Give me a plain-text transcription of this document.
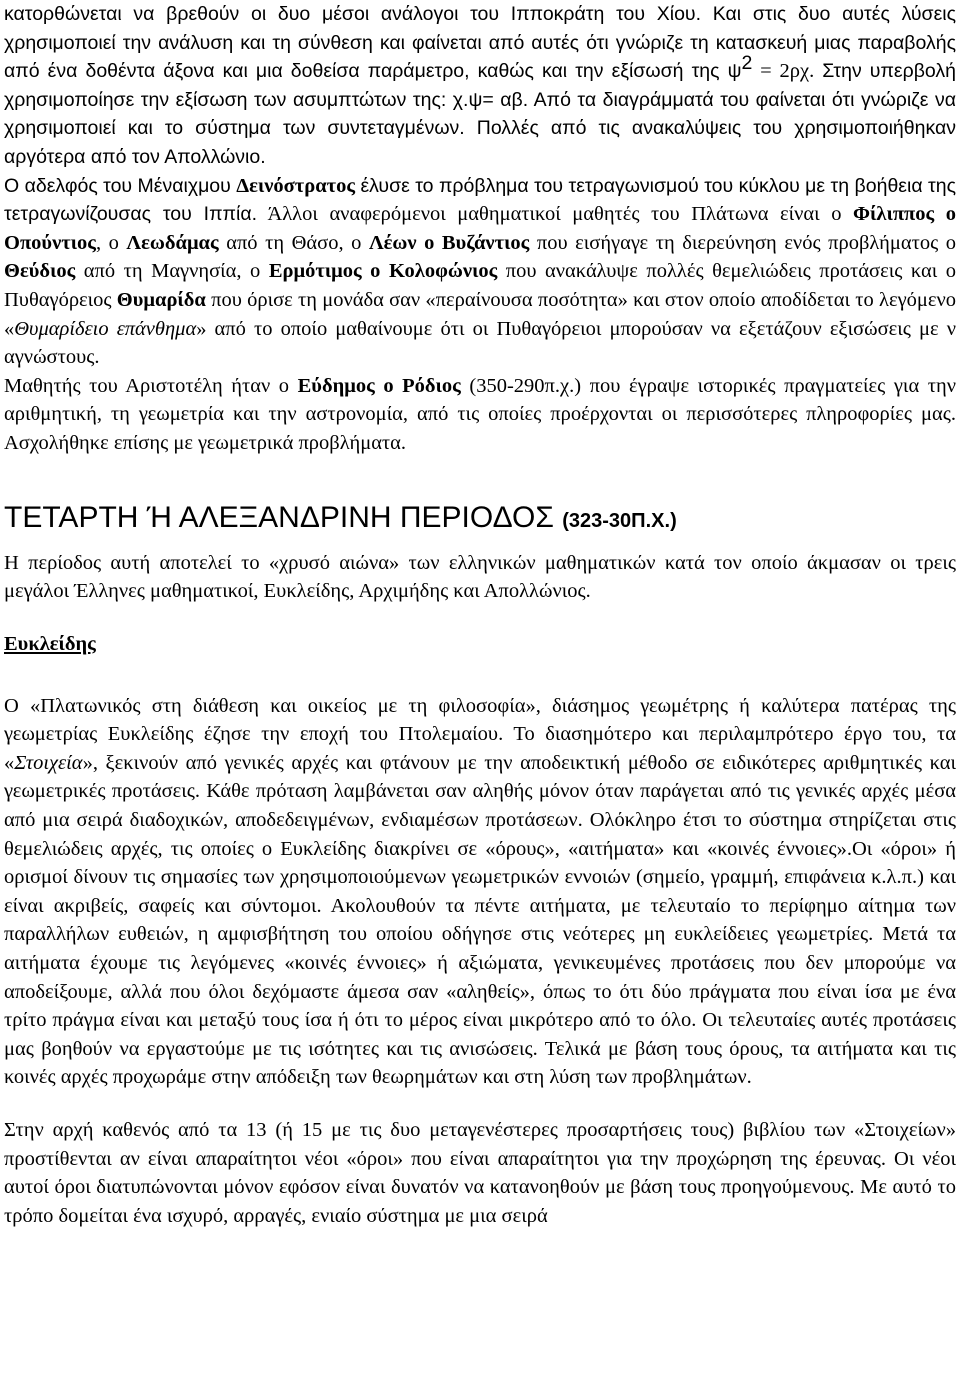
κατορθώνεται να βρεθούν οι δυο μέσοι ανάλογοι του Ιπποκράτη του Χίου. Και στις δυο αυτές λύσεις χρησιμοποιεί την ανάλυση και τη σύνθεση και φαίνεται από αυτές ότι γνώριζε τη κατασκευή μιας παραβολής από ένα δοθέντα άξονα και μια δοθείσα παράμετρο, καθώς και την εξίσωσή της $\psi^2 = 2\rho\chi$. Στην υπερβολή χρησιμοποίησε την εξίσωση των ασυμπτώτων της: χ.ψ= αβ. Από τα διαγράμματά του φαίνεται ότι γνώριζε να χρησιμοποιεί και το σύστημα των συντεταγμένων. Πολλές από τις ανακαλύψεις του χρησιμοποιήθηκαν αργότερα από τον Απολλώνιο.

Ο αδελφός του Μέναιχμου Δεινόστρατος έλυσε το πρόβλημα του τετραγωνισμού του κύκλου με τη βοήθεια της τετραγωνίζουσας του Ιππία. Άλλοι αναφερόμενοι μαθηματικοί μαθητές του Πλάτωνα είναι ο Φίλιππος ο Οπούντιος, ο Λεωδάμας από τη Θάσο, ο Λέων ο Βυζάντιος που εισήγαγε τη διερεύνηση ενός προβλήματος ο Θεύδιος από τη Μαγνησία, ο Ερμότιμος ο Κολοφώνιος που ανακάλυψε πολλές θεμελιώδεις προτάσεις και ο Πυθαγόρειος Θυμαρίδα που όρισε τη μονάδα σαν «περαίνουσα ποσότητα» και στον οποίο αποδίδεται το λεγόμενο «Θυμαρίδειο επάνθημα» από το οποίο μαθαίνουμε ότι οι Πυθαγόρειοι μπορούσαν να εξετάζουν εξισώσεις με ν αγνώστους.

Μαθητής του Αριστοτέλη ήταν ο Εύδημος ο Ρόδιος (350-290π.χ.) που έγραψε ιστορικές πραγματείες για την αριθμητική, τη γεωμετρία και την αστρονομία, από τις οποίες προέρχονται οι περισσότερες πληροφορίες μας. Ασχολήθηκε επίσης με γεωμετρικά προβλήματα.

ΤΕΤΑΡΤΗ Ή ΑΛΕΞΑΝΔΡΙΝΗ ΠΕΡΙΟΔΟΣ (323-30Π.Χ.)

Η περίοδος αυτή αποτελεί το «χρυσό αιώνα» των ελληνικών μαθηματικών κατά τον οποίο άκμασαν οι τρεις μεγάλοι Έλληνες μαθηματικοί, Ευκλείδης, Αρχιμήδης και Απολλώνιος.

Ευκλείδης

Ο «Πλατωνικός στη διάθεση και οικείος με τη φιλοσοφία», διάσημος γεωμέτρης ή καλύτερα πατέρας της γεωμετρίας Ευκλείδης έζησε την εποχή του Πτολεμαίου. Το διασημότερο και περιλαμπρότερο έργο του, τα «Στοιχεία», ξεκινούν από γενικές αρχές και φτάνουν με την αποδεικτική μέθοδο σε ειδικότερες αριθμητικές και γεωμετρικές προτάσεις. Κάθε πρόταση λαμβάνεται σαν αληθής μόνον όταν παράγεται από τις γενικές αρχές μέσα από μια σειρά διαδοχικών, αποδεδειγμένων, ενδιαμέσων προτάσεων. Ολόκληρο έτσι το σύστημα στηρίζεται στις θεμελιώδεις αρχές, τις οποίες ο Ευκλείδης διακρίνει σε «όρους», «αιτήματα» και «κοινές έννοιες».Οι «όροι» ή ορισμοί δίνουν τις σημασίες των χρησιμοποιούμενων γεωμετρικών εννοιών (σημείο, γραμμή, επιφάνεια κ.λ.π.) και είναι ακριβείς, σαφείς και σύντομοι. Ακολουθούν τα πέντε αιτήματα, με τελευταίο το περίφημο αίτημα των παραλλήλων ευθειών, η αμφισβήτηση του οποίου οδήγησε στις νεότερες μη ευκλείδειες γεωμετρίες. Μετά τα αιτήματα έχουμε τις λεγόμενες «κοινές έννοιες» ή αξιώματα, γενικευμένες προτάσεις που δεν μπορούμε να αποδείξουμε, αλλά που όλοι δεχόμαστε άμεσα σαν «αληθείς», όπως το ότι δύο πράγματα που είναι ίσα με ένα τρίτο πράγμα είναι και μεταξύ τους ίσα ή ότι το μέρος είναι μικρότερο από το όλο. Οι τελευταίες αυτές προτάσεις μας βοηθούν να εργαστούμε με τις ισότητες και τις ανισώσεις. Τελικά με βάση τους όρους, τα αιτήματα και τις κοινές αρχές προχωράμε στην απόδειξη των θεωρημάτων και στη λύση των προβλημάτων.

Στην αρχή καθενός από τα 13 (ή 15 με τις δυο μεταγενέστερες προσαρτήσεις τους) βιβλίου των «Στοιχείων» προστίθενται αν είναι απαραίτητοι νέοι «όροι» που είναι απαραίτητοι για την προχώρηση της έρευνας. Οι νέοι αυτοί όροι διατυπώνονται μόνον εφόσον είναι δυνατόν να κατανοηθούν με βάση τους προηγούμενους. Με αυτό το τρόπο δομείται ένα ισχυρό, αρραγές, ενιαίο σύστημα με μια σειρά
